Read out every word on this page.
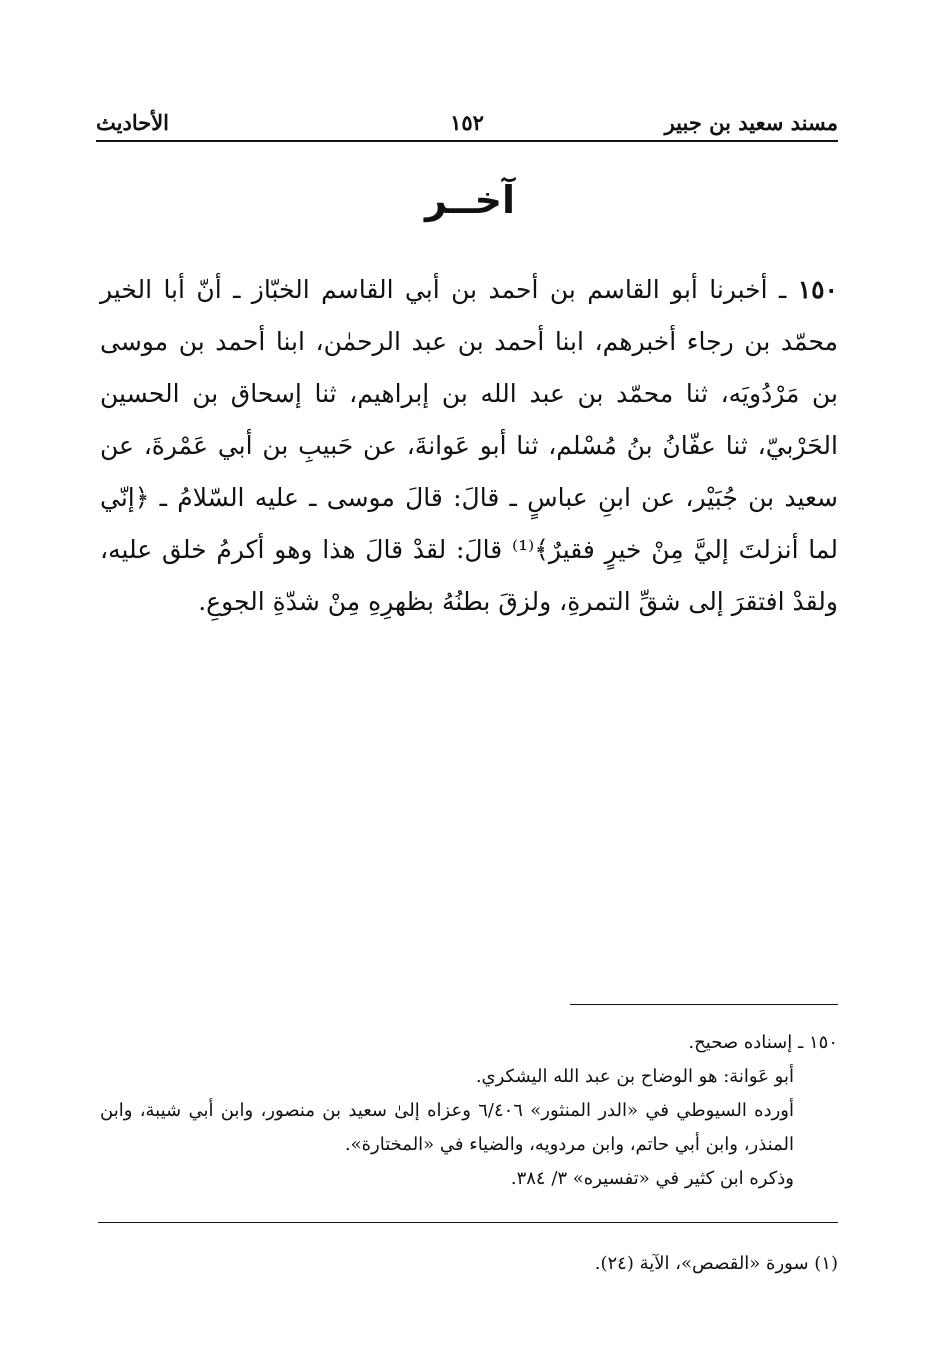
مسند سعيد بن جبير
١٥٢
الأحاديث
آخــر
١٥٠ ـ أخبرنا أبو القاسم بن أحمد بن أبي القاسم الخبّاز ـ أنّ أبا الخير محمّد بن رجاء أخبرهم، ابنا أحمد بن عبد الرحمٰن، ابنا أحمد بن موسى بن مَرْدُويَه، ثنا محمّد بن عبد الله بن إبراهيم، ثنا إسحاق بن الحسين الحَرْبيّ، ثنا عفّانُ بنُ مُسْلم، ثنا أبو عَوانةَ، عن حَبيبِ بن أبي عَمْرةَ، عن سعيد بن جُبَيْر، عن ابنِ عباسٍ ـ قالَ: قالَ موسى ـ عليه السّلامُ ـ ﴿إنّي لما أنزلتَ إليَّ مِنْ خيرٍ فقيرٌ﴾⁽¹⁾ قالَ: لقدْ قالَ هذا وهو أكرمُ خلق عليه، ولقدْ افتقرَ إلى شقِّ التمرةِ، ولزقَ بطنُهُ بظهرِهِ مِنْ شدّةِ الجوعِ.
١٥٠ ـ إسناده صحيح.
أبو عَوانة: هو الوضاح بن عبد الله اليشكري.
أورده السيوطي في «الدر المنثور» ٦/٤٠٦ وعزاه إلىٰ سعيد بن منصور، وابن أبي شيبة، وابن المنذر، وابن أبي حاتم، وابن مردويه، والضياء في «المختارة».
وذكره ابن كثير في «تفسيره» ٣/ ٣٨٤.
(١) سورة «القصص»، الآية (٢٤).
